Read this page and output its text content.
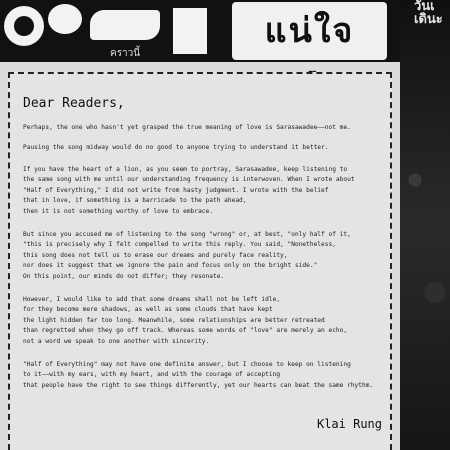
คราวนี้
แน่ใจ
วันเ
เดินะ
Dear Readers,
Perhaps, the one who hasn't yet grasped the true meaning of love is Sarasawadee——not me.
Pausing the song midway would do no good to anyone trying to understand it better.
If you have the heart of a lion, as you seem to portray, Sarasawadee, keep listening to
the same song with me until our understanding frequency is interwoven. When I wrote about
"Half of Everything," I did not write from hasty judgment. I wrote with the belief
that in love, if something is a barricade to the path ahead,
then it is not something worthy of love to embrace.
But since you accused me of listening to the song "wrong" or, at best, "only half of it,
"this is precisely why I felt compelled to write this reply. You said, "Nonetheless,
this song does not tell us to erase our dreams and purely face reality,
nor does it suggest that we ignore the pain and focus only on the bright side."
On this point, our minds do not differ; they resonate.
However, I would like to add that some dreams shall not be left idle,
for they become mere shadows, as well as some clouds that have kept
the light hidden far too long. Meanwhile, some relationships are better retreated
than regretted when they go off track. Whereas some words of "love" are merely an echo,
not a word we speak to one another with sincerity.
"Half of Everything" may not have one definite answer, but I choose to keep on listening
to it——with my ears, with my heart, and with the courage of accepting
that people have the right to see things differently, yet our hearts can beat the same rhythm.
Klai Rung
